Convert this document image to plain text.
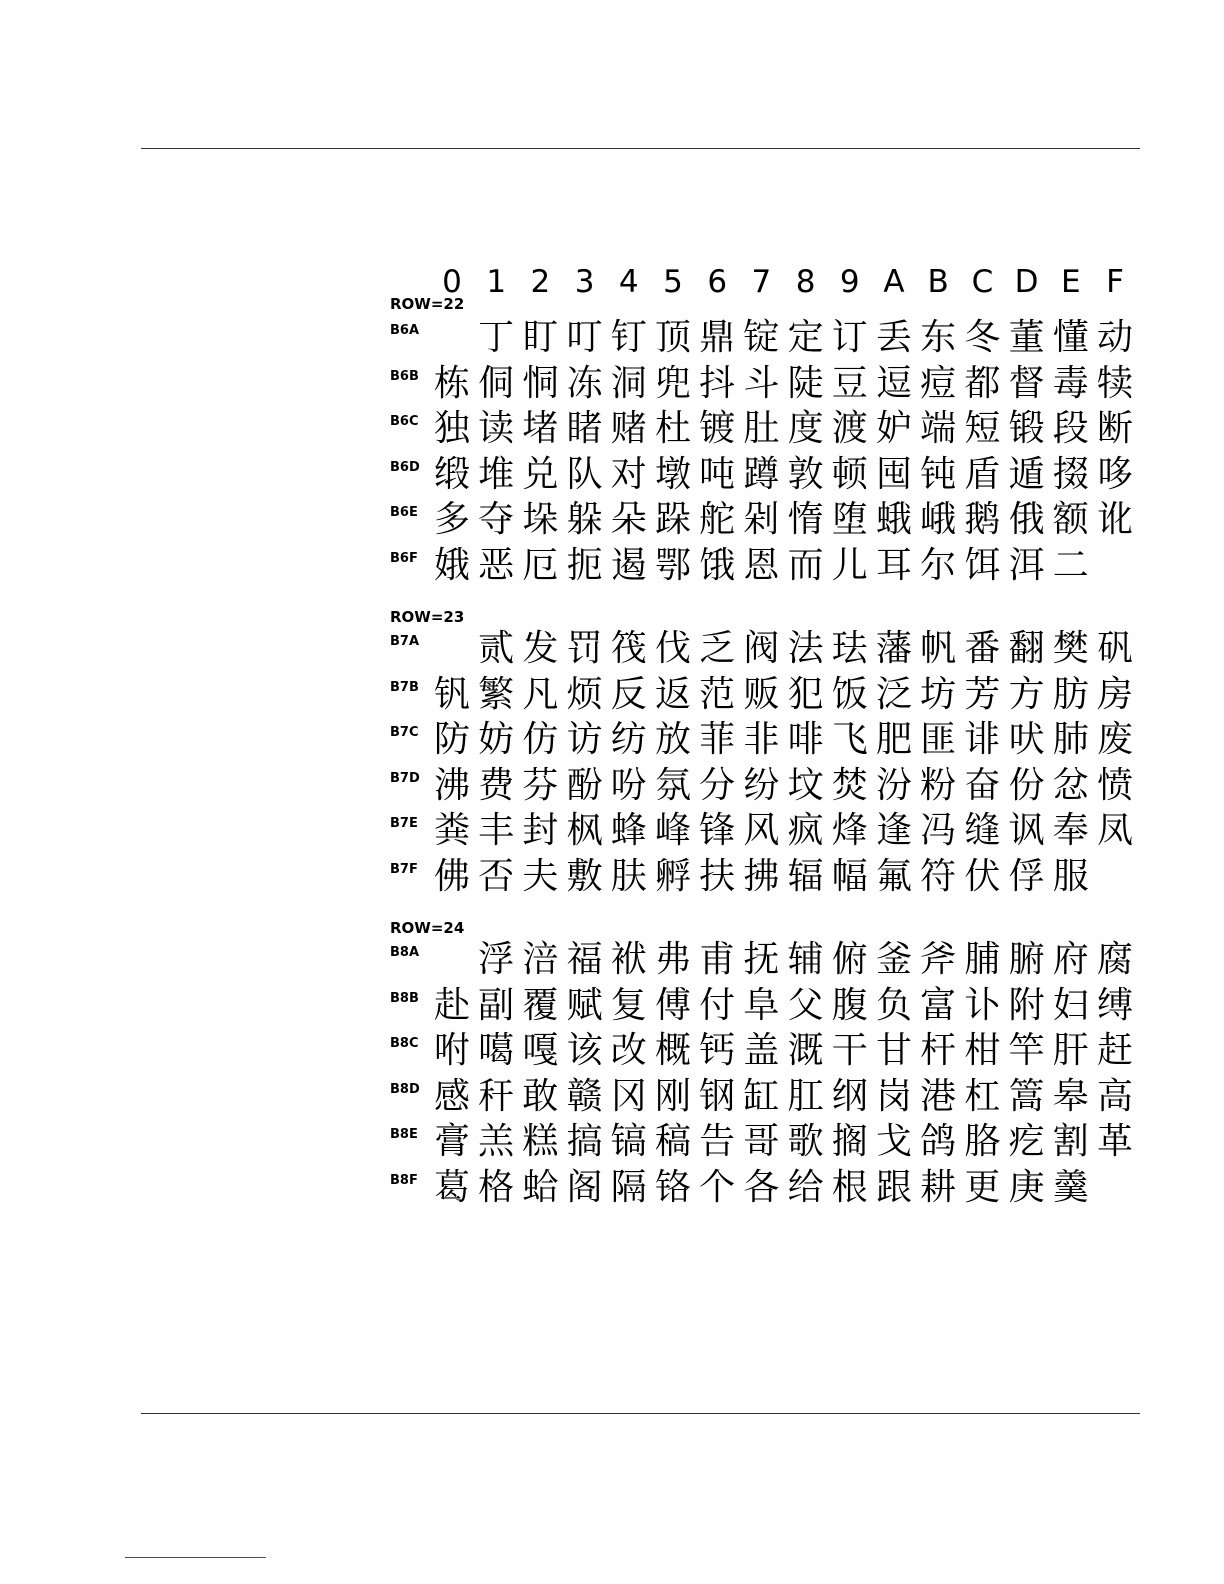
0 1 2 3 4 5 6 7 8 9 A B C D E F
ROW=22
B6A 丁 盯 叮 钉 顶 鼎 锭 定 订 丢 东 冬 董 懂 动
B6B 栋 侗 恫 冻 洞 兜 抖 斗 陡 豆 逗 痘 都 督 毒 犊
B6C 独 读 堵 睹 赌 杜 镀 肚 度 渡 妒 端 短 锻 段 断
B6D 缎 堆 兑 队 对 墩 吨 蹲 敦 顿 囤 钝 盾 遁 掇 哆
B6E 多 夺 垛 躲 朵 跺 舵 剁 惰 堕 蛾 峨 鹅 俄 额 讹
B6F 娥 恶 厄 扼 遏 鄂 饿 恩 而 儿 耳 尔 饵 洱 二
ROW=23
B7A 贰 发 罚 筏 伐 乏 阀 法 珐 藩 帆 番 翻 樊 矾
B7B 钒 繁 凡 烦 反 返 范 贩 犯 饭 泛 坊 芳 方 肪 房
B7C 防 妨 仿 访 纺 放 菲 非 啡 飞 肥 匪 诽 吠 肺 废
B7D 沸 费 芬 酚 吩 氛 分 纷 坟 焚 汾 粉 奋 份 忿 愤
B7E 粪 丰 封 枫 蜂 峰 锋 风 疯 烽 逢 冯 缝 讽 奉 凤
B7F 佛 否 夫 敷 肤 孵 扶 拂 辐 幅 氟 符 伏 俘 服
ROW=24
B8A 浮 涪 福 袱 弗 甫 抚 辅 俯 釜 斧 脯 腑 府 腐
B8B 赴 副 覆 赋 复 傅 付 阜 父 腹 负 富 讣 附 妇 缚
B8C 咐 噶 嘎 该 改 概 钙 盖 溉 干 甘 杆 柑 竿 肝 赶
B8D 感 秆 敢 赣 冈 刚 钢 缸 肛 纲 岗 港 杠 篙 皋 高
B8E 膏 羔 糕 搞 镐 稿 告 哥 歌 搁 戈 鸽 胳 疙 割 革
B8F 葛 格 蛤 阁 隔 铬 个 各 给 根 跟 耕 更 庚 羹
